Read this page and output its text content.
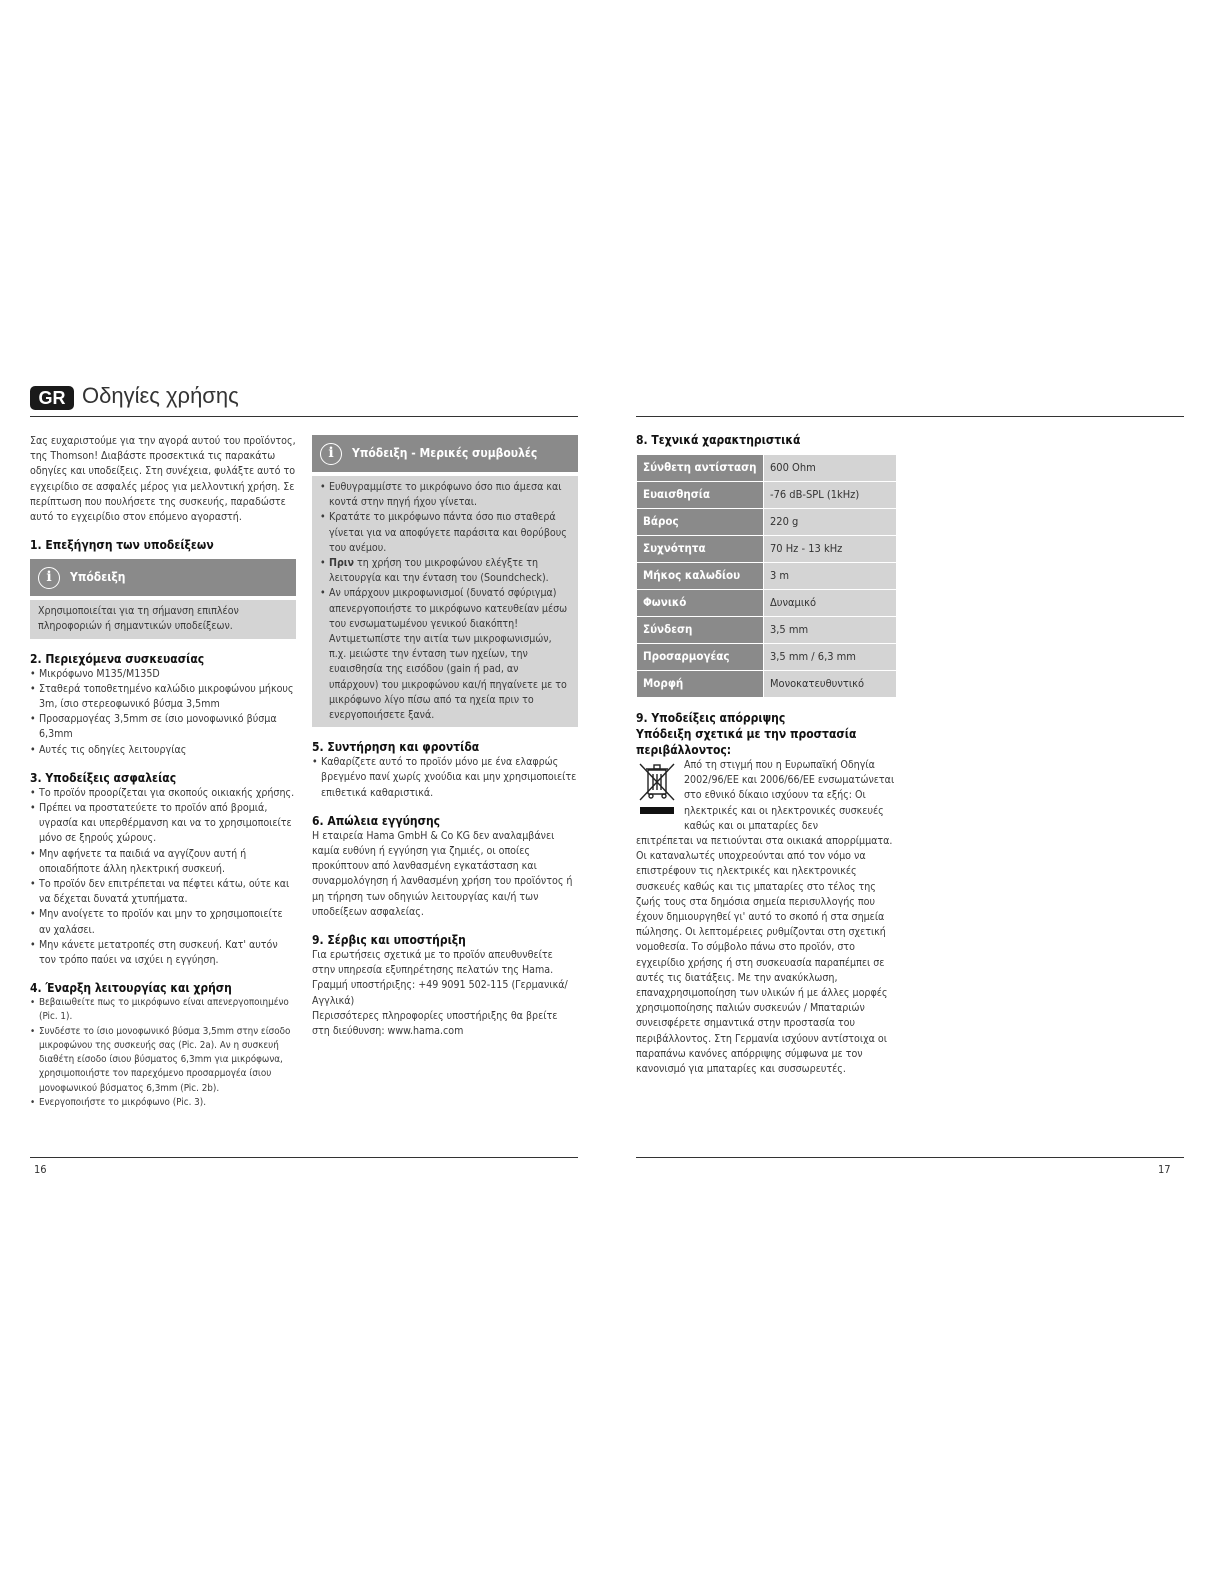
GR Οδηγίες χρήσης

Σας ευχαριστούμε για την αγορά αυτού του προϊόντος, της Thomson! Διαβάστε προσεκτικά τις παρακάτω οδηγίες και υποδείξεις. Στη συνέχεια, φυλάξτε αυτό το εγχειρίδιο σε ασφαλές μέρος για μελλοντική χρήση. Σε περίπτωση που πουλήσετε της συσκευής, παραδώστε αυτό το εγχειρίδιο στον επόμενο αγοραστή.

1. Επεξήγηση των υποδείξεων
i	Υπόδειξη

Χρησιμοποιείται για τη σήμανση επιπλέον πληροφοριών ή σημαντικών υποδείξεων.

2. Περιεχόμενα συσκευασίας
• Μικρόφωνο M135/M135D
• Σταθερά τοποθετημένο καλώδιο μικροφώνου μήκους 3m, ίσιο στερεοφωνικό βύσμα 3,5mm
• Προσαρμογέας 3,5mm σε ίσιο μονοφωνικό βύσμα 6,3mm
• Αυτές τις οδηγίες λειτουργίας
3. Υποδείξεις ασφαλείας
• Το προϊόν προορίζεται για σκοπούς οικιακής χρήσης.
• Πρέπει να προστατεύετε το προϊόν από βρομιά, υγρασία και υπερθέρμανση και να το χρησιμοποιείτε μόνο σε ξηρούς χώρους.
• Μην αφήνετε τα παιδιά να αγγίζουν αυτή ή οποιαδήποτε άλλη ηλεκτρική συσκευή.
• Το προϊόν δεν επιτρέπεται να πέφτει κάτω, ούτε και να δέχεται δυνατά χτυπήματα.
• Μην ανοίγετε το προϊόν και μην το χρησιμοποιείτε αν χαλάσει.
• Μην κάνετε μετατροπές στη συσκευή. Κατ' αυτόν τον τρόπο παύει να ισχύει η εγγύηση.
4. Έναρξη λειτουργίας και χρήση
• Βεβαιωθείτε πως το μικρόφωνο είναι απενεργοποιημένο (Pic. 1).
• Συνδέστε το ίσιο μονοφωνικό βύσμα 3,5mm στην είσοδο μικροφώνου της συσκευής σας (Pic. 2a). Αν η συσκευή διαθέτη είσοδο ίσιου βύσματος 6,3mm για μικρόφωνα, χρησιμοποιήστε τον παρεχόμενο προσαρμογέα ίσιου μονοφωνικού βύσματος 6,3mm (Pic. 2b).
• Ενεργοποιήστε το μικρόφωνο (Pic. 3).
i	Υπόδειξη - Μερικές συμβουλές
• Ευθυγραμμίστε το μικρόφωνο όσο πιο άμεσα και κοντά στην πηγή ήχου γίνεται.
• Κρατάτε το μικρόφωνο πάντα όσο πιο σταθερά γίνεται για να αποφύγετε παράσιτα και θορύβους του ανέμου.
• Πριν τη χρήση του μικροφώνου ελέγξτε τη λειτουργία και την ένταση του (Soundcheck).
• Αν υπάρχουν μικροφωνισμοί (δυνατό σφύριγμα) απενεργοποιήστε το μικρόφωνο κατευθείαν μέσω του ενσωματωμένου γενικού διακόπτη! Αντιμετωπίστε την αιτία των μικροφωνισμών, π.χ. μειώστε την ένταση των ηχείων, την ευαισθησία της εισόδου (gain ή pad, αν υπάρχουν) του μικροφώνου και/ή πηγαίνετε με το μικρόφωνο λίγο πίσω από τα ηχεία πριν το ενεργοποιήσετε ξανά.
5. Συντήρηση και φροντίδα
• Καθαρίζετε αυτό το προϊόν μόνο με ένα ελαφρώς βρεγμένο πανί χωρίς χνούδια και μην χρησιμοποιείτε επιθετικά καθαριστικά.
6. Απώλεια εγγύησης

Η εταιρεία Hama GmbH & Co KG δεν αναλαμβάνει καμία ευθύνη ή εγγύηση για ζημιές, οι οποίες προκύπτουν από λανθασμένη εγκατάσταση και συναρμολόγηση ή λανθασμένη χρήση του προϊόντος ή μη τήρηση των οδηγιών λειτουργίας και/ή των υποδείξεων ασφαλείας.

9. Σέρβις και υποστήριξη

Για ερωτήσεις σχετικά με το προϊόν απευθυνθείτε στην υπηρεσία εξυπηρέτησης πελατών της Hama.

Γραμμή υποστήριξης: +49 9091 502-115 (Γερμανικά/Αγγλικά)

Περισσότερες πληροφορίες υποστήριξης θα βρείτε στη διεύθυνση: www.hama.com

8. Τεχνικά χαρακτηριστικά
Σύνθετη αντίσταση	600 Ohm
Ευαισθησία	-76 dB-SPL (1kHz)
Βάρος	220 g
Συχνότητα	70 Hz - 13 kHz
Μήκος καλωδίου	3 m
Φωνικό	Δυναμικό
Σύνδεση	3,5 mm
Προσαρμογέας	3,5 mm / 6,3 mm
Μορφή	Μονοκατευθυντικό
9. Υποδείξεις απόρριψης
Υπόδειξη σχετικά με την προστασία περιβάλλοντος:

Από τη στιγμή που η Ευρωπαϊκή Οδηγία 2002/96/ΕΕ και 2006/66/ΕΕ ενσωματώνεται στο εθνικό δίκαιο ισχύουν τα εξής: Οι ηλεκτρικές και οι ηλεκτρονικές συσκευές καθώς και οι μπαταρίες δεν

επιτρέπεται να πετιούνται στα οικιακά απορρίμματα. Οι καταναλωτές υποχρεούνται από τον νόμο να επιστρέφουν τις ηλεκτρικές και ηλεκτρονικές συσκευές καθώς και τις μπαταρίες στο τέλος της ζωής τους στα δημόσια σημεία περισυλλογής που έχουν δημιουργηθεί γι' αυτό το σκοπό ή στα σημεία πώλησης. Οι λεπτομέρειες ρυθμίζονται στη σχετική νομοθεσία. Το σύμβολο πάνω στο προϊόν, στο εγχειρίδιο χρήσης ή στη συσκευασία παραπέμπει σε αυτές τις διατάξεις. Με την ανακύκλωση, επαναχρησιμοποίηση των υλικών ή με άλλες μορφές χρησιμοποίησης παλιών συσκευών / Μπαταριών συνεισφέρετε σημαντικά στην προστασία του περιβάλλοντος. Στη Γερμανία ισχύουν αντίστοιχα οι παραπάνω κανόνες απόρριψης σύμφωνα με τον κανονισμό για μπαταρίες και συσσωρευτές.

16	17
